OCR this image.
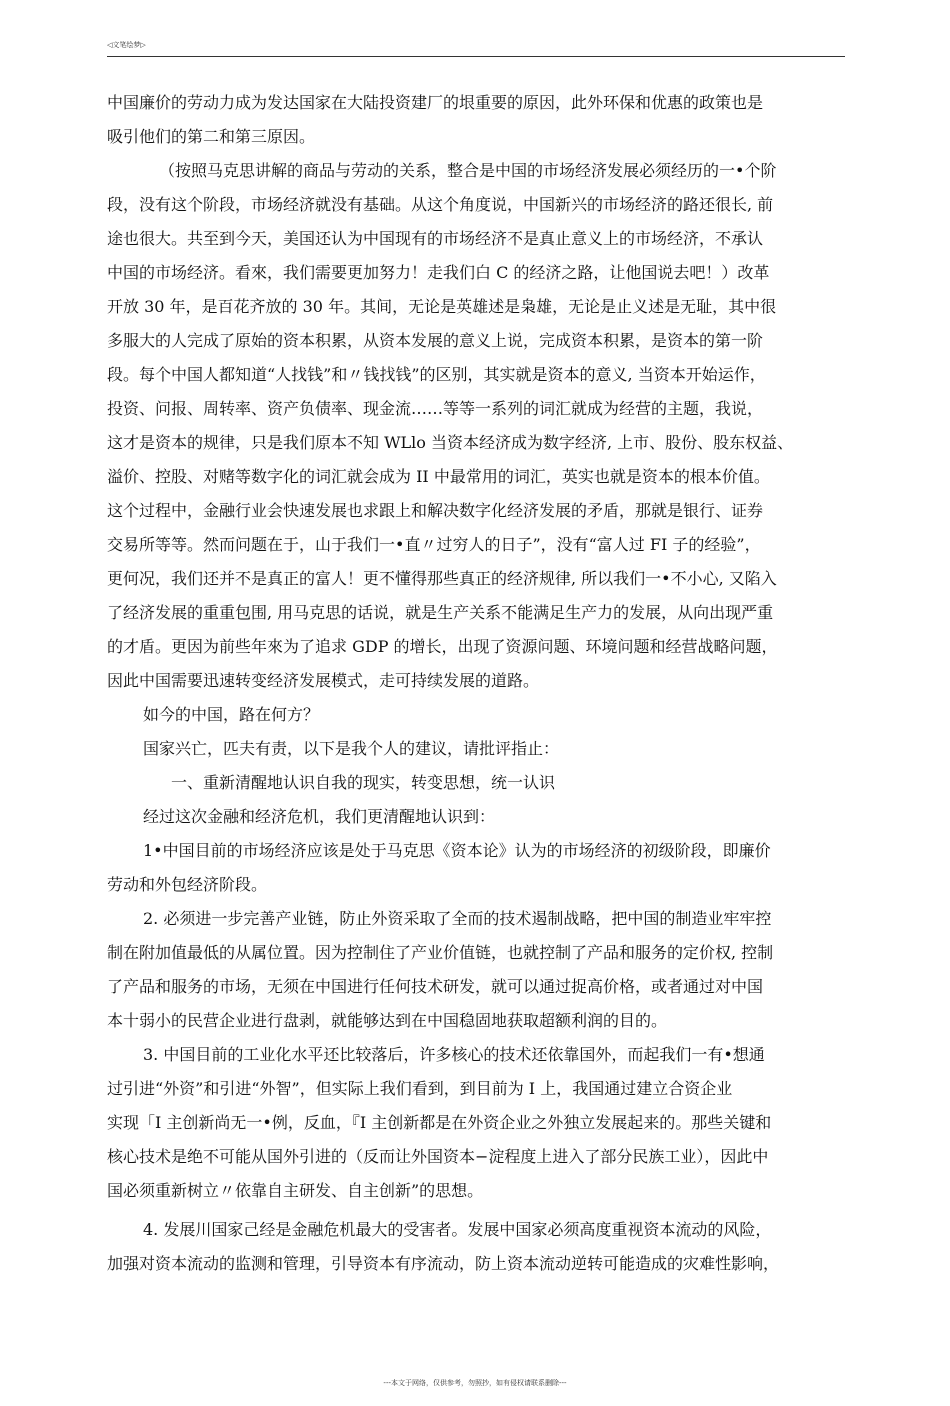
◁文笔绘梦▷
中国廉价的劳动力成为发达国家在大陆投资建厂的垠重要的原因，此外环保和优惠的政策也是
吸引他们的第二和第三原因。
（按照马克思讲解的商品与劳动的关系，整合是中国的市场经济发展必须经历的一•个阶
段，没有这个阶段，市场经济就没有基础。从这个角度说，中国新兴的市场经济的路还很长, 前
途也很大。共至到今天，美国还认为中国现有的市场经济不是真止意义上的市场经济，不承认
中国的市场经济。看來，我们需要更加努力！走我们白 C 的经济之路，让他国说去吧！）改革
开放 30 年，是百花齐放的 30 年。其间，无论是英雄述是枭雄，无论是止义述是无耻，其中很
多服大的人完成了原始的资本积累，从资本发展的意义上说，完成资本积累，是资本的第一阶
段。每个中国人都知道“人找钱”和〃钱找钱”的区别，其实就是资本的意义, 当资本开始运作，
投资、问报、周转率、资产负债率、现金流……等等一系列的词汇就成为经营的主题，我说，
这才是资本的规律，只是我们原本不知 WLlo 当资本经济成为数字经济, 上市、股份、股东权益、
溢价、控股、对赌等数字化的词汇就会成为 II 中最常用的词汇，英实也就是资本的根本价值。
这个过程中，金融行业会快速发展也求跟上和解决数字化经济发展的矛盾，那就是银行、证券
交易所等等。然而问题在于，山于我们一•直〃过穷人的日子”，没有“富人过 FI 子的经验”，
更何况，我们还并不是真正的富人！更不懂得那些真正的经济规律, 所以我们一•不小心, 又陷入
了经济发展的重重包围, 用马克思的话说，就是生产关系不能满足生产力的发展，从向出现严重
的才盾。更因为前些年來为了追求 GDP 的增长，出现了资源问题、环境问题和经营战略问题，
因此中国需要迅速转变经济发展模式，走可持续发展的道路。
如今的中国，路在何方？
国家兴亡，匹夫有责，以下是我个人的建议，请批评指止：
一、重新清醒地认识自我的现实，转变思想，统一认识
经过这次金融和经济危机，我们更清醒地认识到：
1•中国目前的市场经济应该是处于马克思《资本论》认为的市场经济的初级阶段，即廉价
劳动和外包经济阶段。
2. 必须进一步完善产业链，防止外资采取了全而的技术遏制战略，把中国的制造业牢牢控
制在附加值最低的从属位置。因为控制住了产业价值链，也就控制了产品和服务的定价权, 控制
了产品和服务的市场，无须在中国进行任何技术研发，就可以通过捉高价格，或者通过对中国
本十弱小的民营企业进行盘剥，就能够达到在中国稳固地获取超额利润的目的。
3. 中国目前的工业化水平还比较落后，许多核心的技术还依靠国外，而起我们一有•想通
过引进“外资”和引进“外智”，但实际上我们看到，到目前为 I 上，我国通过建立合资企业
实现「I 主创新尚无一•例，反血，『I 主创新都是在外资企业之外独立发展起来的。那些关键和
核心技术是绝不可能从国外引进的（反而让外国资本−淀程度上进入了部分民族工业），因此中
国必须重新树立〃依靠自主研发、自主创新”的思想。
4. 发展川国家己经是金融危机最大的受害者。发展中国家必须高度重视资本流动的风险，
加强对资本流动的监测和管理，引导资本有序流动，防上资本流动逆转可能造成的灾难性影响，
---本文于网络，仅供参考，勿照抄，如有侵权请联系删除---
